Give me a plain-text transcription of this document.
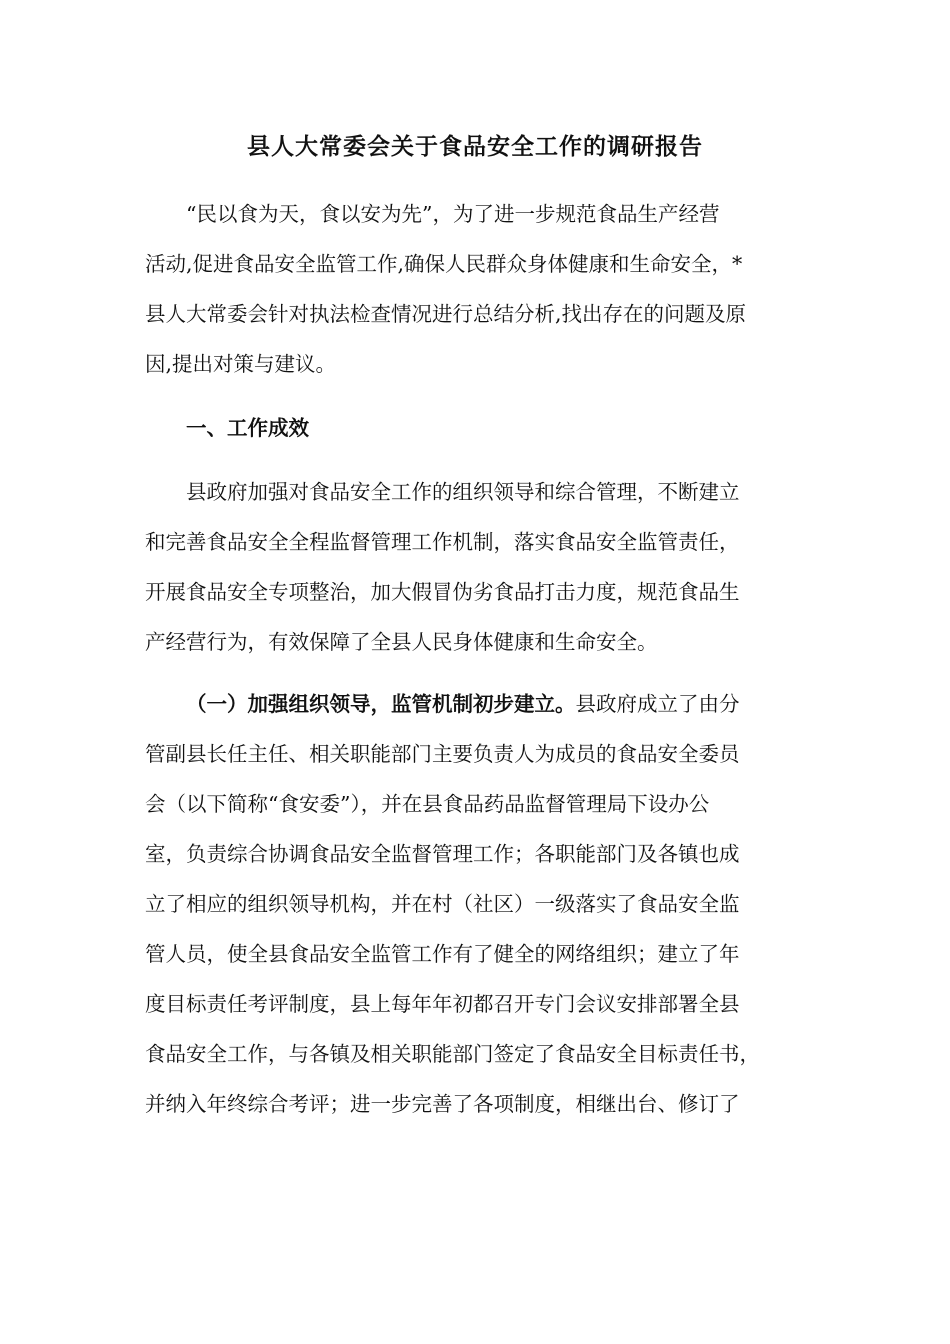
县人大常委会关于食品安全工作的调研报告
“民以食为天，食以安为先”，为了进一步规范食品生产经营
活动,促进食品安全监管工作,确保人民群众身体健康和生命安全，*
县人大常委会针对执法检查情况进行总结分析,找出存在的问题及原
因,提出对策与建议。
一、工作成效
县政府加强对食品安全工作的组织领导和综合管理，不断建立
和完善食品安全全程监督管理工作机制，落实食品安全监管责任，
开展食品安全专项整治，加大假冒伪劣食品打击力度，规范食品生
产经营行为，有效保障了全县人民身体健康和生命安全。
（一）加强组织领导，监管机制初步建立。县政府成立了由分
管副县长任主任、相关职能部门主要负责人为成员的食品安全委员
会（以下简称“食安委”），并在县食品药品监督管理局下设办公
室，负责综合协调食品安全监督管理工作；各职能部门及各镇也成
立了相应的组织领导机构，并在村（社区）一级落实了食品安全监
管人员，使全县食品安全监管工作有了健全的网络组织；建立了年
度目标责任考评制度，县上每年年初都召开专门会议安排部署全县
食品安全工作，与各镇及相关职能部门签定了食品安全目标责任书，
并纳入年终综合考评；进一步完善了各项制度，相继出台、修订了
